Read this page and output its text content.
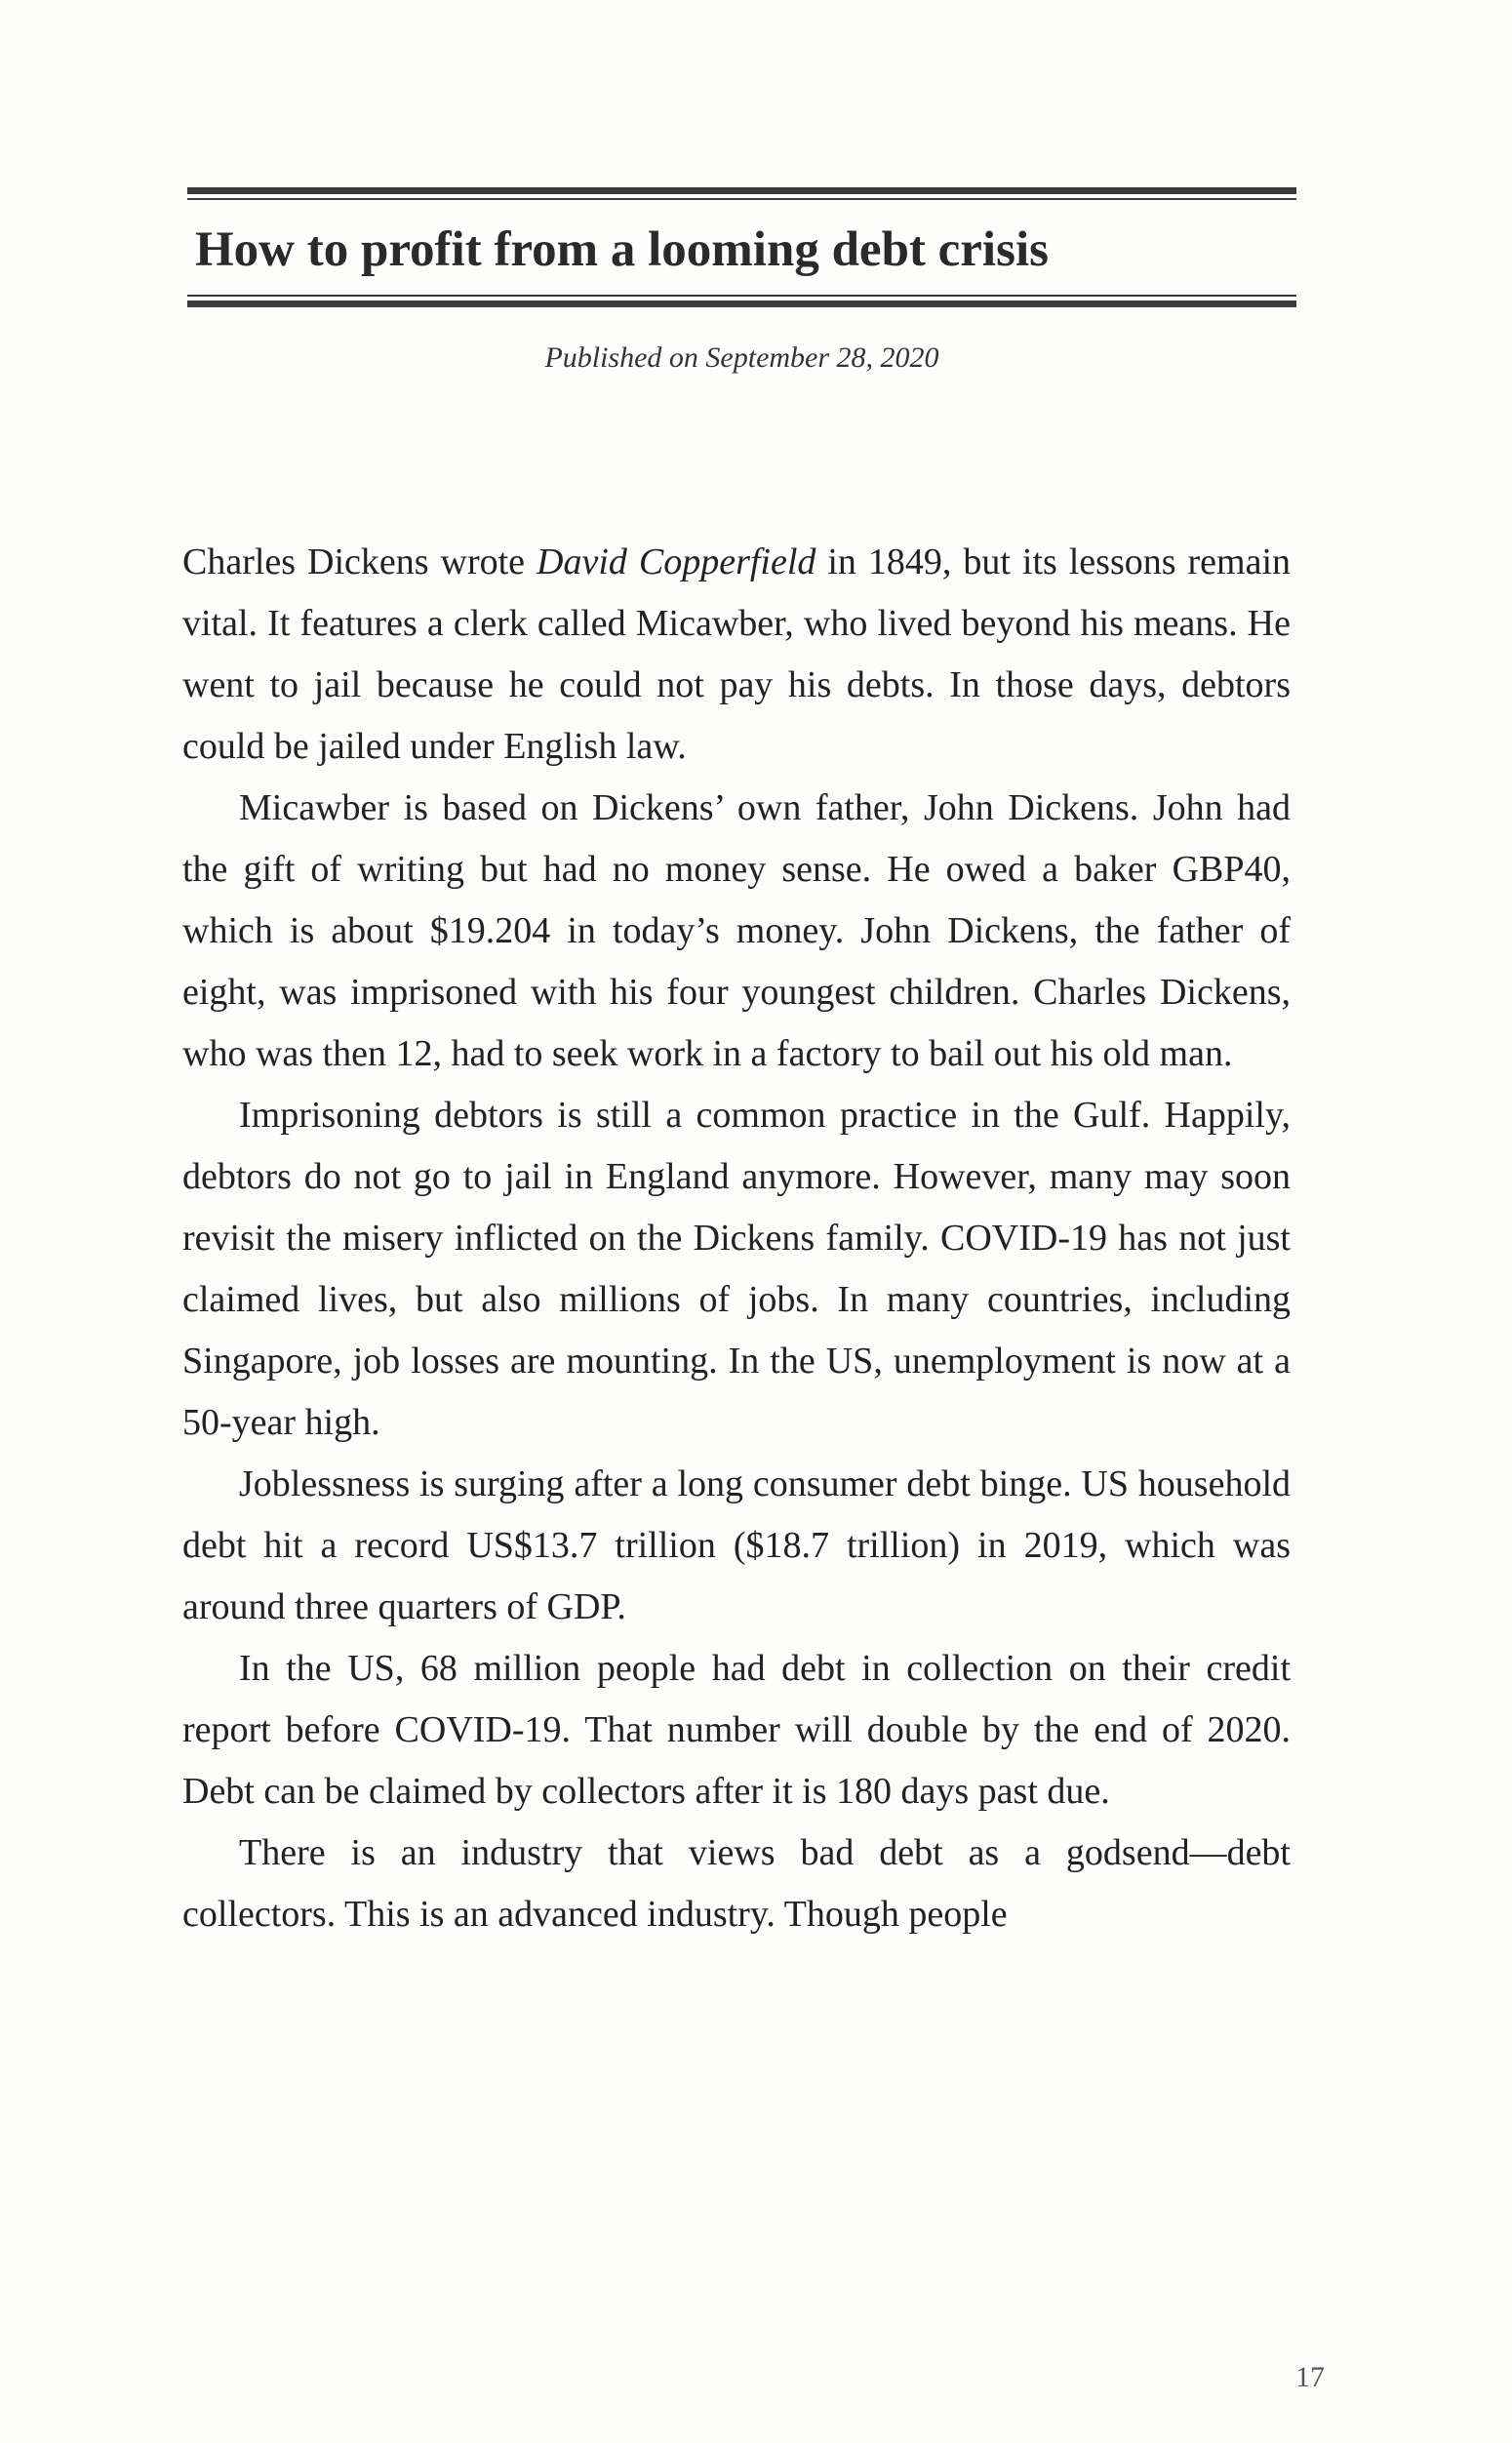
How to profit from a looming debt crisis
Published on September 28, 2020

Charles Dickens wrote David Copperfield in 1849, but its lessons remain vital. It features a clerk called Micawber, who lived beyond his means. He went to jail because he could not pay his debts. In those days, debtors could be jailed under English law.

Micawber is based on Dickens’ own father, John Dickens. John had the gift of writing but had no money sense. He owed a baker GBP40, which is about $19.204 in today’s money. John Dickens, the father of eight, was imprisoned with his four youngest children. Charles Dickens, who was then 12, had to seek work in a factory to bail out his old man.

Imprisoning debtors is still a common practice in the Gulf. Happily, debtors do not go to jail in England anymore. However, many may soon revisit the misery inflicted on the Dickens family. COVID-19 has not just claimed lives, but also millions of jobs. In many countries, including Singapore, job losses are mounting. In the US, unemployment is now at a 50-year high.

Joblessness is surging after a long consumer debt binge. US household debt hit a record US$13.7 trillion ($18.7 trillion) in 2019, which was around three quarters of GDP.

In the US, 68 million people had debt in collection on their credit report before COVID-19. That number will double by the end of 2020. Debt can be claimed by collectors after it is 180 days past due.

There is an industry that views bad debt as a godsend—debt collectors. This is an advanced industry. Though people

17
